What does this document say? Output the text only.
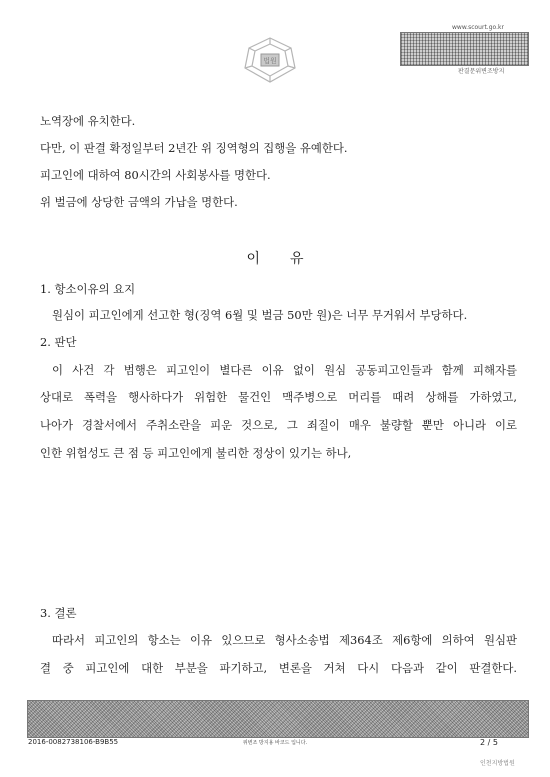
법원
www.scourt.go.kr
판결문위변조방지
노역장에 유치한다.
다만, 이 판결 확정일부터 2년간 위 징역형의 집행을 유예한다.
피고인에 대하여 80시간의 사회봉사를 명한다.
위 벌금에 상당한 금액의 가납을 명한다.
이유
1. 항소이유의 요지
원심이 피고인에게 선고한 형(징역 6월 및 벌금 50만 원)은 너무 무거워서 부당하다.
2. 판단
이 사건 각 범행은 피고인이 별다른 이유 없이 원심 공동피고인들과 함께 피해자를
상대로 폭력을 행사하다가 위험한 물건인 맥주병으로 머리를 때려 상해를 가하였고,
나아가 경찰서에서 주취소란을 피운 것으로, 그 죄질이 매우 불량할 뿐만 아니라 이로
인한 위험성도 큰 점 등 피고인에게 불리한 정상이 있기는 하나,
3. 결론
따라서 피고인의 항소는 이유 있으므로 형사소송법 제364조 제6항에 의하여 원심판
결 중 피고인에 대한 부분을 파기하고, 변론을 거쳐 다시 다음과 같이 판결한다.
2016-0082738106-B9B55	위변조 방지용 바코드 입니다.	2 / 5
인천지방법원
